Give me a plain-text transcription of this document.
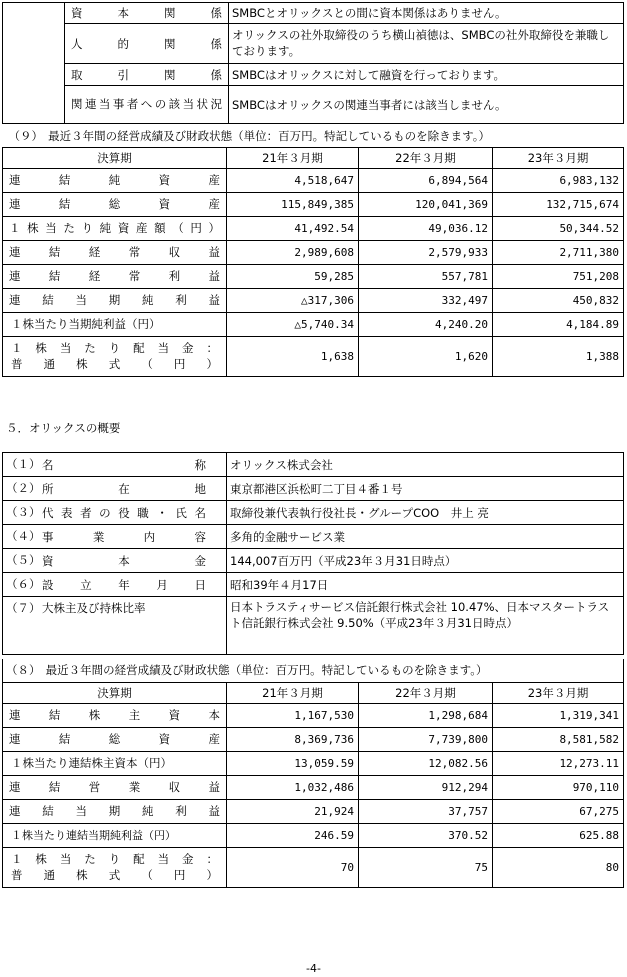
	資　本　関　係	SMBCとオリックスとの間に資本関係はありません。
	人　的　関　係	オリックスの社外取締役のうち横山禎徳は、SMBCの社外取締役を兼職しております。
	取　引　関　係	SMBCはオリックスに対して融資を行っております。
	関連当事者への該当状況	SMBCはオリックスの関連当事者には該当しません。
（９） 最近３年間の経営成績及び財政状態（単位：百万円。特記しているものを除きます。）			
決算期	21年３月期	22年３月期	23年３月期
連結純資産	4,518,647	6,894,564	6,983,132
連結総資産	115,849,385	120,041,369	132,715,674
１株当たり純資産額（円）	41,492.54	49,036.12	50,344.52
連結経常収益	2,989,608	2,579,933	2,711,380
連結経常利益	59,285	557,781	751,208
連結当期純利益	△317,306	332,497	450,832
１株当たり当期純利益（円）	△5,740.34	4,240.20	4,184.89

１株当たり配当金：
普通株式（円）	1,638	1,620	1,388
５．オリックスの概要
（１） 名　称	オリックス株式会社
（２） 所　在　地	東京都港区浜松町二丁目４番１号
（３） 代表者の役職・氏名	取締役兼代表執行役社長・グループCOO　井上 亮
（４） 事業内容	多角的金融サービス業
（５） 資本金	144,007百万円（平成23年３月31日時点）
（６） 設立年月日	昭和39年４月17日
（７） 大株主及び持株比率	日本トラスティサービス信託銀行株式会社 10.47%、日本マスタートラスト信託銀行株式会社 9.50%（平成23年３月31日時点）
（８） 最近３年間の経営成績及び財政状態（単位：百万円。特記しているものを除きます。）			
決算期	21年３月期	22年３月期	23年３月期
連結株主資本	1,167,530	1,298,684	1,319,341
連結総資産	8,369,736	7,739,800	8,581,582
１株当たり連結株主資本（円）	13,059.59	12,082.56	12,273.11
連結営業収益	1,032,486	912,294	970,110
連結当期純利益	21,924	37,757	67,275
１株当たり連結当期純利益（円）	246.59	370.52	625.88

１株当たり配当金：
普通株式（円）	70	75	80
-4-
